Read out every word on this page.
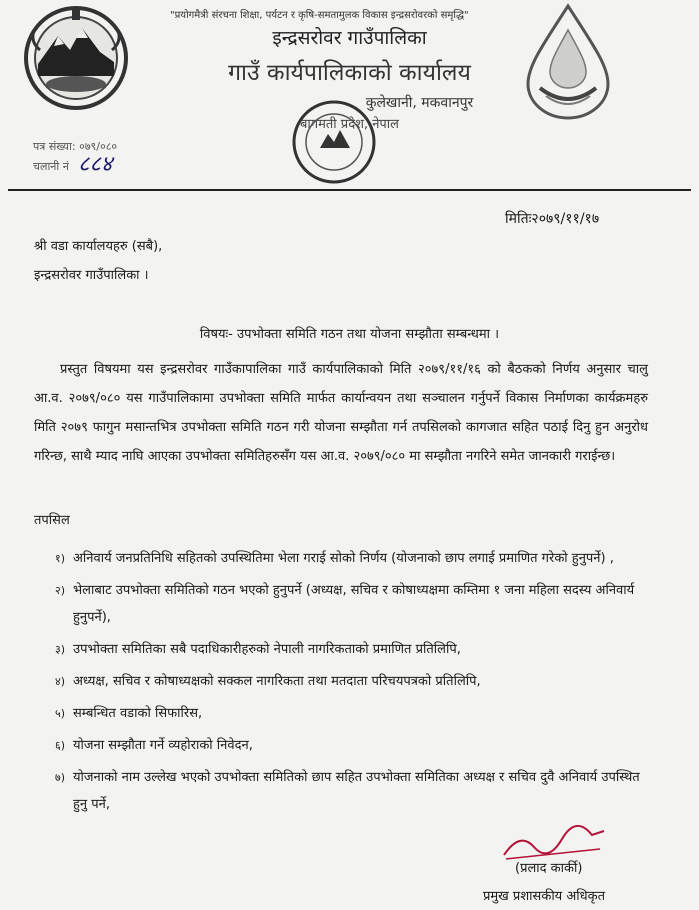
"प्रयोगमैत्री संरचना शिक्षा, पर्यटन र कृषि-समतामुलक विकास इन्द्रसरोवरको समृद्धि"
इन्द्रसरोवर गाउँपालिका
गाउँ कार्यपालिकाको कार्यालय
कुलेखानी, मकवानपुर
बागमती प्रदेश, नेपाल
पत्र संख्या: ०७९/०८०
चलानी नं ८८४
मितिः२०७९/११/१७
श्री वडा कार्यालयहरु (सबै),
इन्द्रसरोवर गाउँपालिका ।
विषयः- उपभोक्ता समिति गठन तथा योजना सम्झौता सम्बन्धमा ।
प्रस्तुत विषयमा यस इन्द्रसरोवर गाउँकापालिका गाउँ कार्यपालिकाको मिति २०७९/११/१६ को बैठकको निर्णय अनुसार चालु आ.व. २०७९/०८० यस गाउँपालिकामा उपभोक्ता समिति मार्फत कार्यान्वयन तथा सञ्चालन गर्नुपर्ने विकास निर्माणका कार्यक्रमहरु मिति २०७९ फागुन मसान्तभित्र उपभोक्ता समिति गठन गरी योजना सम्झौता गर्न तपसिलको कागजात सहित पठाई दिनु हुन अनुरोध गरिन्छ, साथै म्याद नाघि आएका उपभोक्ता समितिहरुसँग यस आ.व. २०७९/०८० मा सम्झौता नगरिने समेत जानकारी गराईन्छ।
तपसिल
१) अनिवार्य जनप्रतिनिधि सहितको उपस्थितिमा भेला गराई सोको निर्णय (योजनाको छाप लगाई प्रमाणित गरेको हुनुपर्ने) ,
२) भेलाबाट उपभोक्ता समितिको गठन भएको हुनुपर्ने (अध्यक्ष, सचिव र कोषाध्यक्षमा कम्तिमा १ जना महिला सदस्य अनिवार्य हुनुपर्ने),
३) उपभोक्ता समितिका सबै पदाधिकारीहरुको नेपाली नागरिकताको प्रमाणित प्रतिलिपि,
४) अध्यक्ष, सचिव र कोषाध्यक्षको सक्कल नागरिकता तथा मतदाता परिचयपत्रको प्रतिलिपि,
५) सम्बन्धित वडाको सिफारिस,
६) योजना सम्झौता गर्ने व्यहोराको निवेदन,
७) योजनाको नाम उल्लेख भएको उपभोक्ता समितिको छाप सहित उपभोक्ता समितिका अध्यक्ष र सचिव दुवै अनिवार्य उपस्थित हुनु पर्ने,
(प्रलाद कार्की)
प्रमुख प्रशासकीय अधिकृत
